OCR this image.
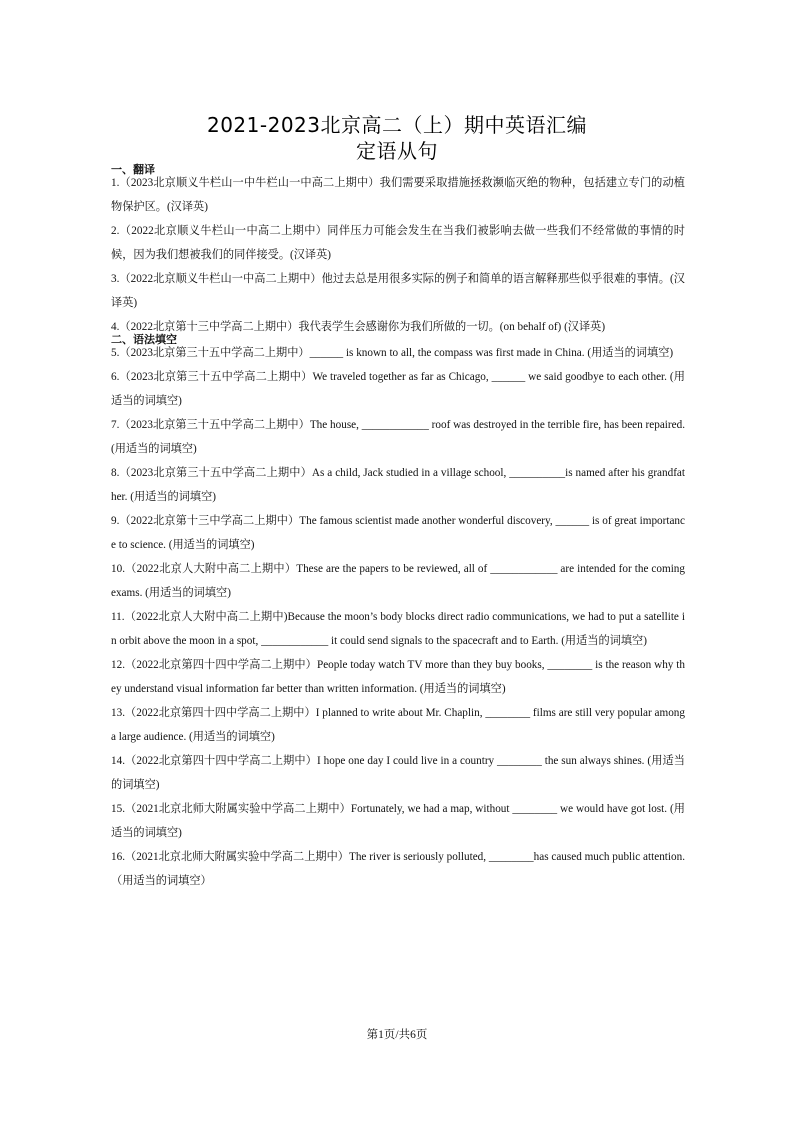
2021-2023北京高二（上）期中英语汇编
定语从句
一、翻译
1.（2023北京顺义牛栏山一中牛栏山一中高二上期中）我们需要采取措施拯救濒临灭绝的物种，包括建立专门的动植物保护区。(汉译英)
2.（2022北京顺义牛栏山一中高二上期中）同伴压力可能会发生在当我们被影响去做一些我们不经常做的事情的时候，因为我们想被我们的同伴接受。(汉译英)
3.（2022北京顺义牛栏山一中高二上期中）他过去总是用很多实际的例子和简单的语言解释那些似乎很难的事情。(汉译英)
4.（2022北京第十三中学高二上期中）我代表学生会感谢你为我们所做的一切。(on behalf of) (汉译英)
二、语法填空
5.（2023北京第三十五中学高二上期中）______ is known to all, the compass was first made in China. (用适当的词填空)
6.（2023北京第三十五中学高二上期中）We traveled together as far as Chicago, ______ we said goodbye to each other. (用适当的词填空)
7.（2023北京第三十五中学高二上期中）The house, ____________ roof was destroyed in the terrible fire, has been repaired. (用适当的词填空)
8.（2023北京第三十五中学高二上期中）As a child, Jack studied in a village school, __________is named after his grandfather. (用适当的词填空)
9.（2022北京第十三中学高二上期中）The famous scientist made another wonderful discovery, ______ is of great importance to science. (用适当的词填空)
10.（2022北京人大附中高二上期中）These are the papers to be reviewed, all of ____________ are intended for the coming exams. (用适当的词填空)
11.（2022北京人大附中高二上期中)Because the moon’s body blocks direct radio communications, we had to put a satellite in orbit above the moon in a spot, ____________ it could send signals to the spacecraft and to Earth. (用适当的词填空)
12.（2022北京第四十四中学高二上期中）People today watch TV more than they buy books, ________ is the reason why they understand visual information far better than written information. (用适当的词填空)
13.（2022北京第四十四中学高二上期中）I planned to write about Mr. Chaplin, ________ films are still very popular among a large audience. (用适当的词填空)
14.（2022北京第四十四中学高二上期中）I hope one day I could live in a country ________ the sun always shines. (用适当的词填空)
15.（2021北京北师大附属实验中学高二上期中）Fortunately, we had a map, without ________ we would have got lost. (用适当的词填空)
16.（2021北京北师大附属实验中学高二上期中）The river is seriously polluted, ________has caused much public attention. （用适当的词填空）
第1页/共6页
